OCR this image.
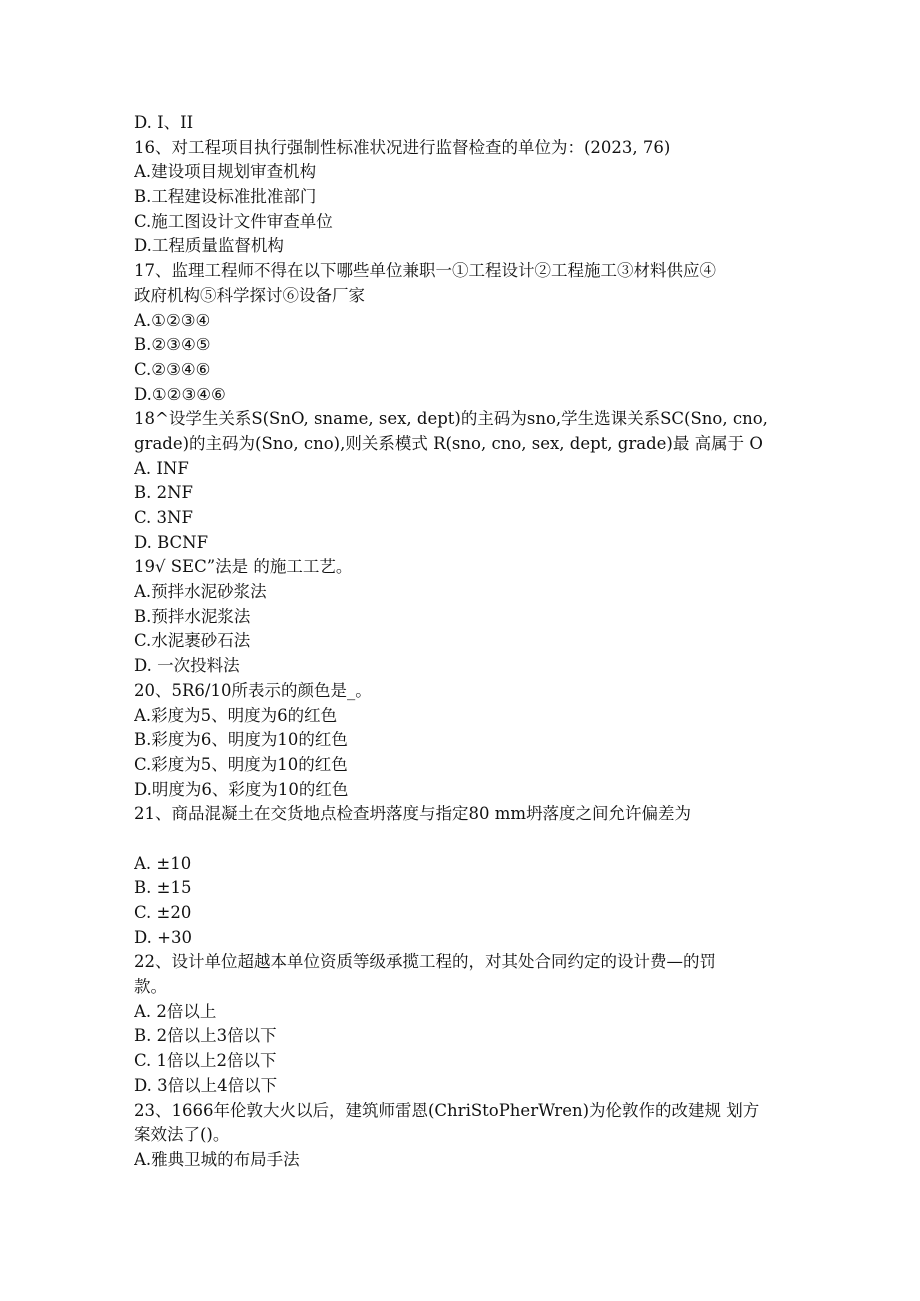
D. I、II
16、对工程项目执行强制性标准状况进行监督检查的单位为：(2023, 76)
A.建设项目规划审查机构
B.工程建设标准批准部门
C.施工图设计文件审查单位
D.工程质量监督机构
17、监理工程师不得在以下哪些单位兼职一①工程设计②工程施工③材料供应④
政府机构⑤科学探讨⑥设备厂家
A.①②③④
B.②③④⑤
C.②③④⑥
D.①②③④⑥
18^设学生关系S(SnO, sname, sex, dept)的主码为sno,学生选课关系SC(Sno, cno,
grade)的主码为(Sno, cno),则关系模式 R(sno, cno, sex, dept, grade)最 高属于 O
A. INF
B. 2NF
C. 3NF
D. BCNF
19√ SEC”法是 的施工工艺。
A.预拌水泥砂浆法
B.预拌水泥浆法
C.水泥裹砂石法
D. 一次投料法
20、5R6/10所表示的颜色是_。
A.彩度为5、明度为6的红色
B.彩度为6、明度为10的红色
C.彩度为5、明度为10的红色
D.明度为6、彩度为10的红色
21、商品混凝土在交货地点检查坍落度与指定80 mm坍落度之间允许偏差为
A. ±10
B. ±15
C. ±20
D. +30
22、设计单位超越本单位资质等级承揽工程的，对其处合同约定的设计费—的罚
款。
A. 2倍以上
B. 2倍以上3倍以下
C. 1倍以上2倍以下
D. 3倍以上4倍以下
23、1666年伦敦大火以后，建筑师雷恩(ChriStoPherWren)为伦敦作的改建规 划方
案效法了()。
A.雅典卫城的布局手法
